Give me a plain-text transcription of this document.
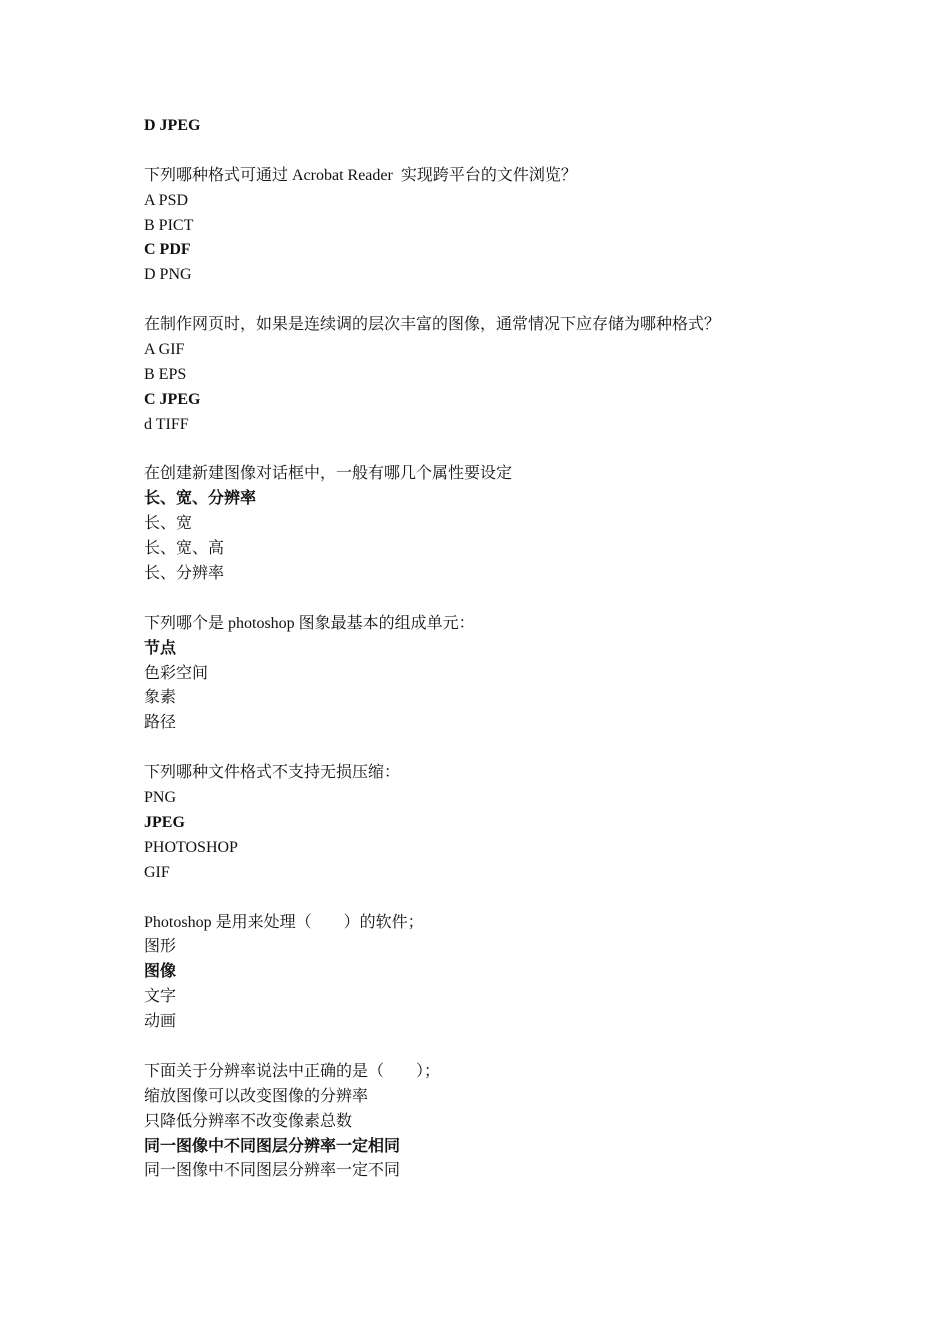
D JPEG
下列哪种格式可通过 Acrobat Reader  实现跨平台的文件浏览？
A PSD
B PICT
C PDF
D PNG
在制作网页时，如果是连续调的层次丰富的图像，通常情况下应存储为哪种格式？
A GIF
B EPS
C JPEG
d TIFF
在创建新建图像对话框中，一般有哪几个属性要设定
长、宽、分辨率
长、宽
长、宽、高
长、分辨率
下列哪个是 photoshop 图象最基本的组成单元：
节点
色彩空间
象素
路径
下列哪种文件格式不支持无损压缩：
PNG
JPEG
PHOTOSHOP
GIF
Photoshop 是用来处理（        ）的软件；
图形
图像
文字
动画
下面关于分辨率说法中正确的是（        ）；
缩放图像可以改变图像的分辨率
只降低分辨率不改变像素总数
同一图像中不同图层分辨率一定相同
同一图像中不同图层分辨率一定不同
